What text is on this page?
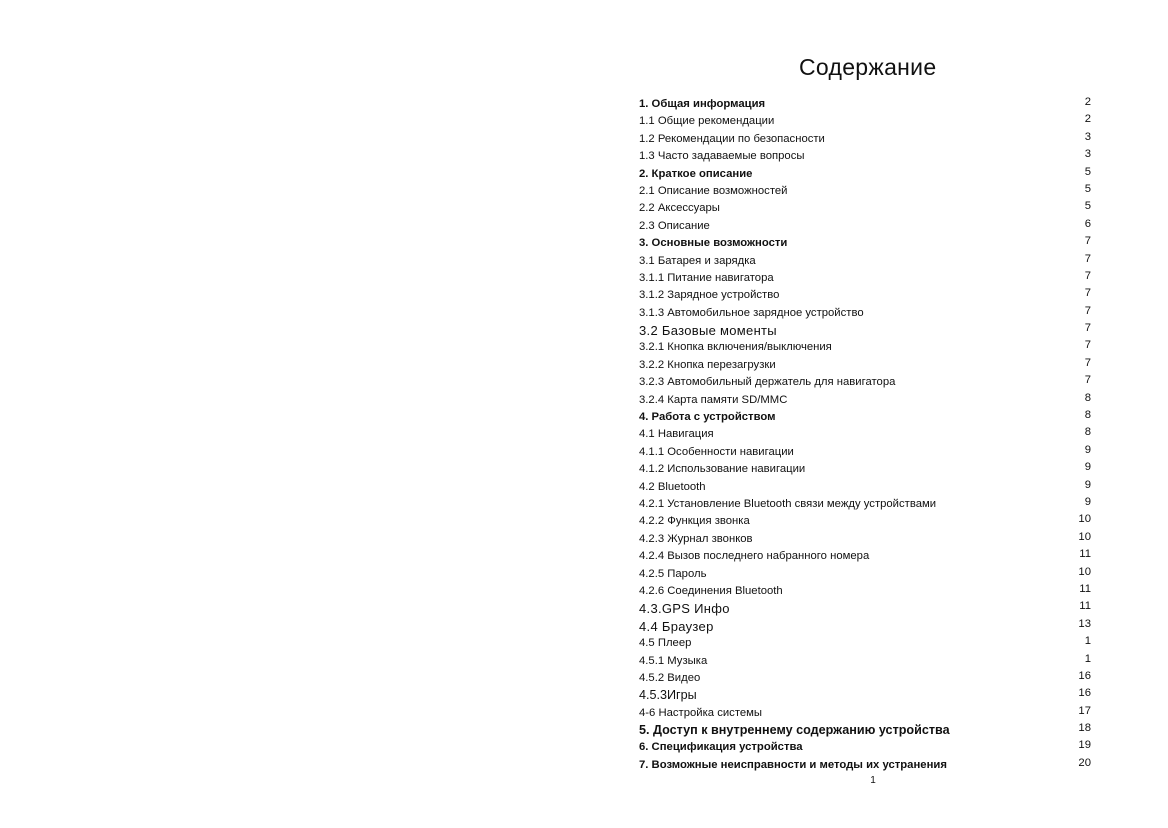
Содержание
1. Общая информация	2
1.1 Общие рекомендации	2
1.2 Рекомендации по безопасности	3
1.3 Часто задаваемые вопросы	3
2. Краткое описание	5
2.1 Описание возможностей	5
2.2 Аксессуары	5
2.3 Описание	6
3. Основные возможности	7
3.1 Батарея и зарядка	7
3.1.1 Питание навигатора	7
3.1.2 Зарядное устройство	7
3.1.3 Автомобильное зарядное устройство	7
3.2 Базовые моменты	7
3.2.1 Кнопка включения/выключения	7
3.2.2 Кнопка перезагрузки	7
3.2.3 Автомобильный держатель для навигатора	7
3.2.4 Карта памяти SD/MMC	8
4. Работа с устройством	8
4.1 Навигация	8
4.1.1 Особенности навигации	9
4.1.2 Использование навигации	9
4.2 Bluetooth	9
4.2.1 Установление Bluetooth связи между устройствами	9
4.2.2 Функция звонка	10
4.2.3 Журнал звонков	10
4.2.4 Вызов последнего набранного номера	11
4.2.5 Пароль	10
4.2.6 Соединения Bluetooth	11
4.3.GPS Инфо	11
4.4 Браузер	13
4.5 Плеер	1
4.5.1 Музыка	1
4.5.2 Видео	16
4.5.3Игры	16
4-6 Настройка системы	17
5. Доступ к внутреннему содержанию устройства	18
6. Спецификация устройства	19
7. Возможные неисправности и методы их устранения	20
1
